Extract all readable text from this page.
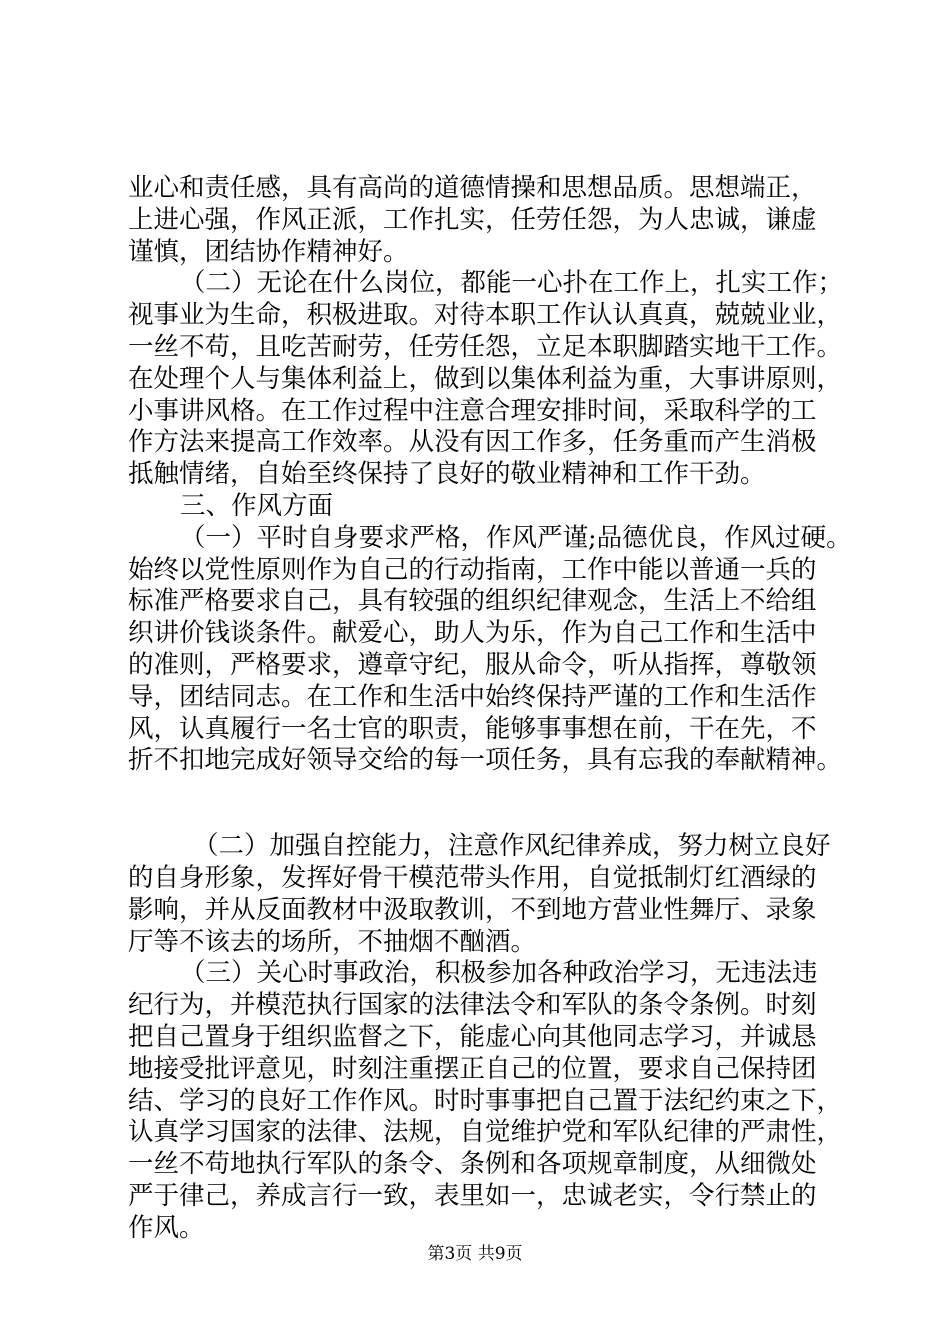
业心和责任感，具有高尚的道德情操和思想品质。思想端正，
上进心强，作风正派，工作扎实，任劳任怨，为人忠诚，谦虚
谨慎，团结协作精神好。
（二）无论在什么岗位，都能一心扑在工作上，扎实工作；
视事业为生命，积极进取。对待本职工作认认真真，兢兢业业，
一丝不苟，且吃苦耐劳，任劳任怨，立足本职脚踏实地干工作。
在处理个人与集体利益上，做到以集体利益为重，大事讲原则，
小事讲风格。在工作过程中注意合理安排时间，采取科学的工
作方法来提高工作效率。从没有因工作多，任务重而产生消极
抵触情绪，自始至终保持了良好的敬业精神和工作干劲。
三、作风方面
（一）平时自身要求严格，作风严谨;品德优良，作风过硬。
始终以党性原则作为自己的行动指南，工作中能以普通一兵的
标准严格要求自己，具有较强的组织纪律观念，生活上不给组
织讲价钱谈条件。献爱心，助人为乐，作为自己工作和生活中
的准则，严格要求，遵章守纪，服从命令，听从指挥，尊敬领
导，团结同志。在工作和生活中始终保持严谨的工作和生活作
风，认真履行一名士官的职责，能够事事想在前，干在先，不
折不扣地完成好领导交给的每一项任务，具有忘我的奉献精神。
（二）加强自控能力，注意作风纪律养成，努力树立良好
的自身形象，发挥好骨干模范带头作用，自觉抵制灯红酒绿的
影响，并从反面教材中汲取教训，不到地方营业性舞厅、录象
厅等不该去的场所，不抽烟不酗酒。
（三）关心时事政治，积极参加各种政治学习，无违法违
纪行为，并模范执行国家的法律法令和军队的条令条例。时刻
把自己置身于组织监督之下，能虚心向其他同志学习，并诚恳
地接受批评意见，时刻注重摆正自己的位置，要求自己保持团
结、学习的良好工作作风。时时事事把自己置于法纪约束之下，
认真学习国家的法律、法规，自觉维护党和军队纪律的严肃性，
一丝不苟地执行军队的条令、条例和各项规章制度，从细微处
严于律己，养成言行一致，表里如一，忠诚老实，令行禁止的
作风。
第3页 共9页
